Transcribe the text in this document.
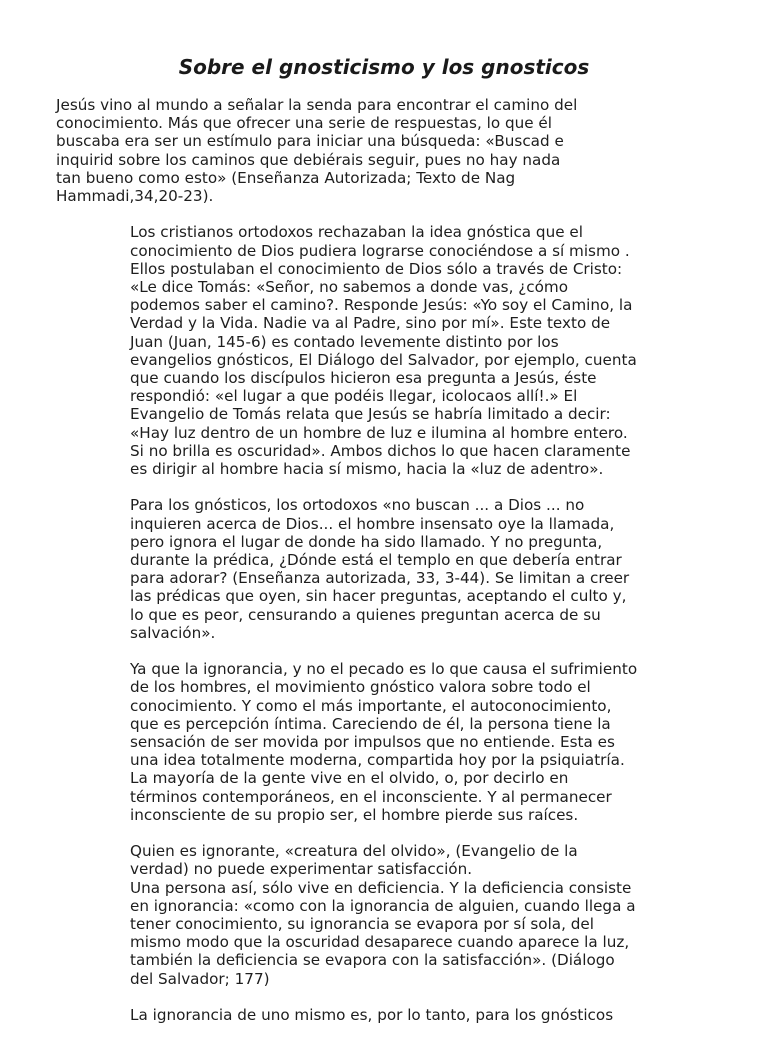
Sobre el gnosticismo y los gnosticos

Jesús vino al mundo a señalar la senda para encontrar el camino del
conocimiento. Más que ofrecer una serie de respuestas, lo que él
buscaba era ser un estímulo para iniciar una búsqueda: «Buscad e
inquirid sobre los caminos que debiérais seguir, pues no hay nada
tan bueno como esto» (Enseñanza Autorizada; Texto de Nag
Hammadi,34,20-23).

Los cristianos ortodoxos rechazaban la idea gnóstica que el
conocimiento de Dios pudiera lograrse conociéndose a sí mismo .
Ellos postulaban el conocimiento de Dios sólo a través de Cristo:
«Le dice Tomás: «Señor, no sabemos a donde vas, ¿cómo
podemos saber el camino?. Responde Jesús: «Yo soy el Camino, la
Verdad y la Vida. Nadie va al Padre, sino por mí». Este texto de
Juan (Juan, 145-6) es contado levemente distinto por los
evangelios gnósticos, El Diálogo del Salvador, por ejemplo, cuenta
que cuando los discípulos hicieron esa pregunta a Jesús, éste
respondió: «el lugar a que podéis llegar, icolocaos allí!.» El
Evangelio de Tomás relata que Jesús se habría limitado a decir:
«Hay luz dentro de un hombre de luz e ilumina al hombre entero.
Si no brilla es oscuridad». Ambos dichos lo que hacen claramente
es dirigir al hombre hacia sí mismo, hacia la «luz de adentro».

Para los gnósticos, los ortodoxos «no buscan ... a Dios ... no
inquieren acerca de Dios... el hombre insensato oye la llamada,
pero ignora el lugar de donde ha sido llamado. Y no pregunta,
durante la prédica, ¿Dónde está el templo en que debería entrar
para adorar? (Enseñanza autorizada, 33, 3-44). Se limitan a creer
las prédicas que oyen, sin hacer preguntas, aceptando el culto y,
lo que es peor, censurando a quienes preguntan acerca de su
salvación».

Ya que la ignorancia, y no el pecado es lo que causa el sufrimiento
de los hombres, el movimiento gnóstico valora sobre todo el
conocimiento. Y como el más importante, el autoconocimiento,
que es percepción íntima. Careciendo de él, la persona tiene la
sensación de ser movida por impulsos que no entiende. Esta es
una idea totalmente moderna, compartida hoy por la psiquiatría.
La mayoría de la gente vive en el olvido, o, por decirlo en
términos contemporáneos, en el inconsciente. Y al permanecer
inconsciente de su propio ser, el hombre pierde sus raíces.

Quien es ignorante, «creatura del olvido», (Evangelio de la
verdad) no puede experimentar satisfacción.
Una persona así, sólo vive en deficiencia. Y la deficiencia consiste
en ignorancia: «como con la ignorancia de alguien, cuando llega a
tener conocimiento, su ignorancia se evapora por sí sola, del
mismo modo que la oscuridad desaparece cuando aparece la luz,
también la deficiencia se evapora con la satisfacción». (Diálogo
del Salvador; 177)

La ignorancia de uno mismo es, por lo tanto, para los gnósticos
